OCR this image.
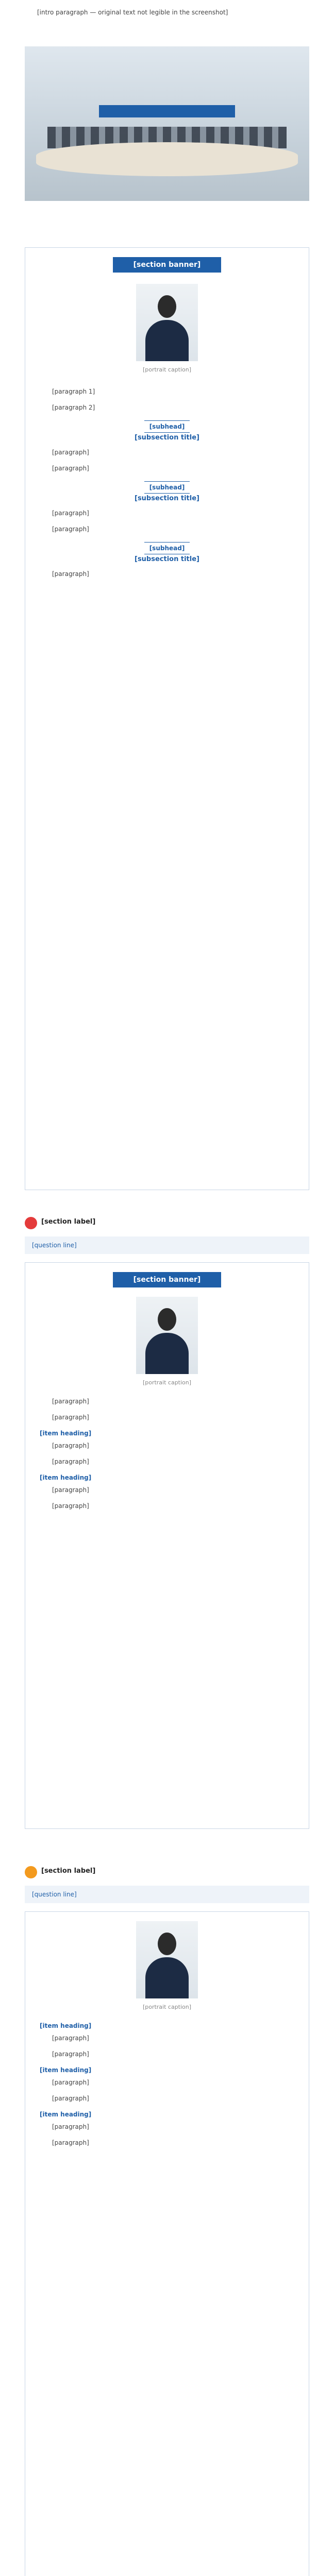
[intro paragraph — original text not legible in the screenshot]

[section banner]
[portrait caption]

[paragraph 1]

[paragraph 2]

[subhead]
[subsection title]

[paragraph]

[paragraph]

[subhead]
[subsection title]

[paragraph]

[paragraph]

[subhead]
[subsection title]

[paragraph]

[section label]
[question line]
[section banner]
[portrait caption]

[paragraph]

[paragraph]

[item heading]

[paragraph]

[paragraph]

[item heading]

[paragraph]

[paragraph]

[section label]
[question line]
[portrait caption]
[item heading]

[paragraph]

[paragraph]

[item heading]

[paragraph]

[paragraph]

[item heading]

[paragraph]

[paragraph]
